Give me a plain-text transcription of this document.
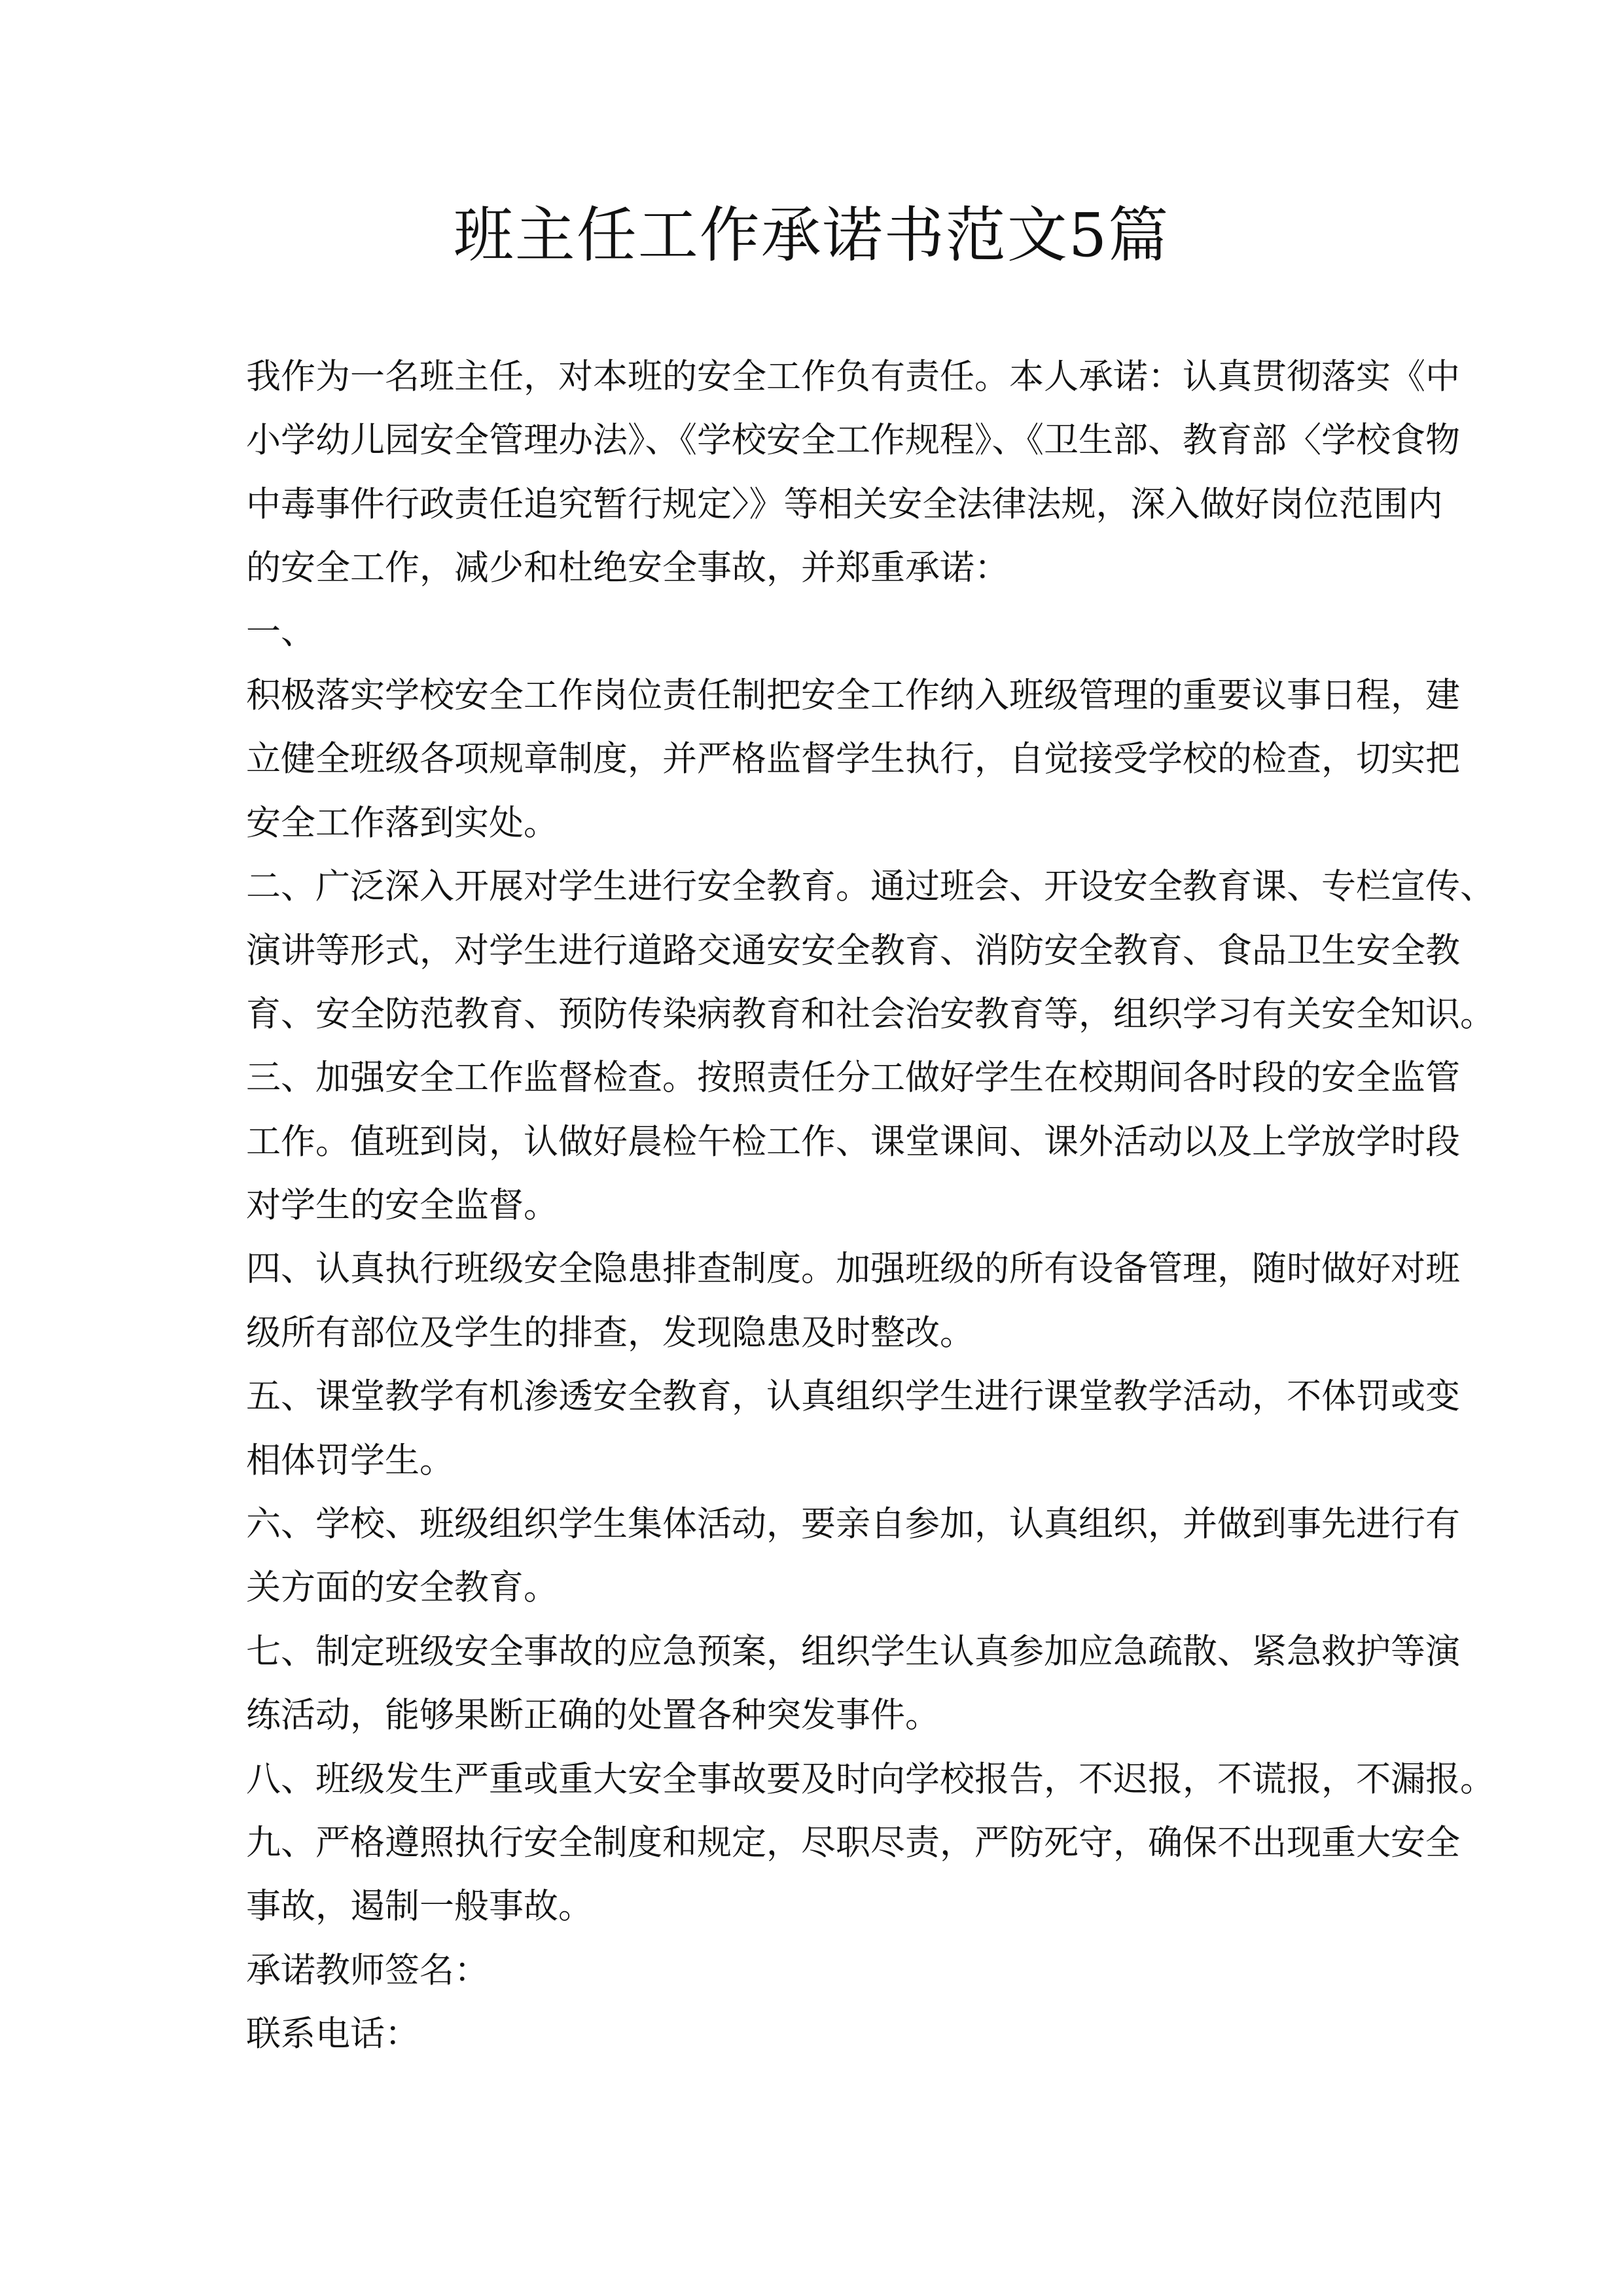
班主任工作承诺书范文5篇
我作为一名班主任，对本班的安全工作负有责任。本人承诺：认真贯彻落实《中
小学幼儿园安全管理办法》、《学校安全工作规程》、《卫生部、教育部〈学校食物
中毒事件行政责任追究暂行规定〉》等相关安全法律法规，深入做好岗位范围内
的安全工作，减少和杜绝安全事故，并郑重承诺：
一、
积极落实学校安全工作岗位责任制把安全工作纳入班级管理的重要议事日程，建
立健全班级各项规章制度，并严格监督学生执行，自觉接受学校的检查，切实把
安全工作落到实处。
二、广泛深入开展对学生进行安全教育。通过班会、开设安全教育课、专栏宣传、
演讲等形式，对学生进行道路交通安安全教育、消防安全教育、食品卫生安全教
育、安全防范教育、预防传染病教育和社会治安教育等，组织学习有关安全知识。
三、加强安全工作监督检查。按照责任分工做好学生在校期间各时段的安全监管
工作。值班到岗，认做好晨检午检工作、课堂课间、课外活动以及上学放学时段
对学生的安全监督。
四、认真执行班级安全隐患排查制度。加强班级的所有设备管理，随时做好对班
级所有部位及学生的排查，发现隐患及时整改。
五、课堂教学有机渗透安全教育，认真组织学生进行课堂教学活动，不体罚或变
相体罚学生。
六、学校、班级组织学生集体活动，要亲自参加，认真组织，并做到事先进行有
关方面的安全教育。
七、制定班级安全事故的应急预案，组织学生认真参加应急疏散、紧急救护等演
练活动，能够果断正确的处置各种突发事件。
八、班级发生严重或重大安全事故要及时向学校报告，不迟报，不谎报，不漏报。
九、严格遵照执行安全制度和规定，尽职尽责，严防死守，确保不出现重大安全
事故，遏制一般事故。
承诺教师签名：
联系电话：
